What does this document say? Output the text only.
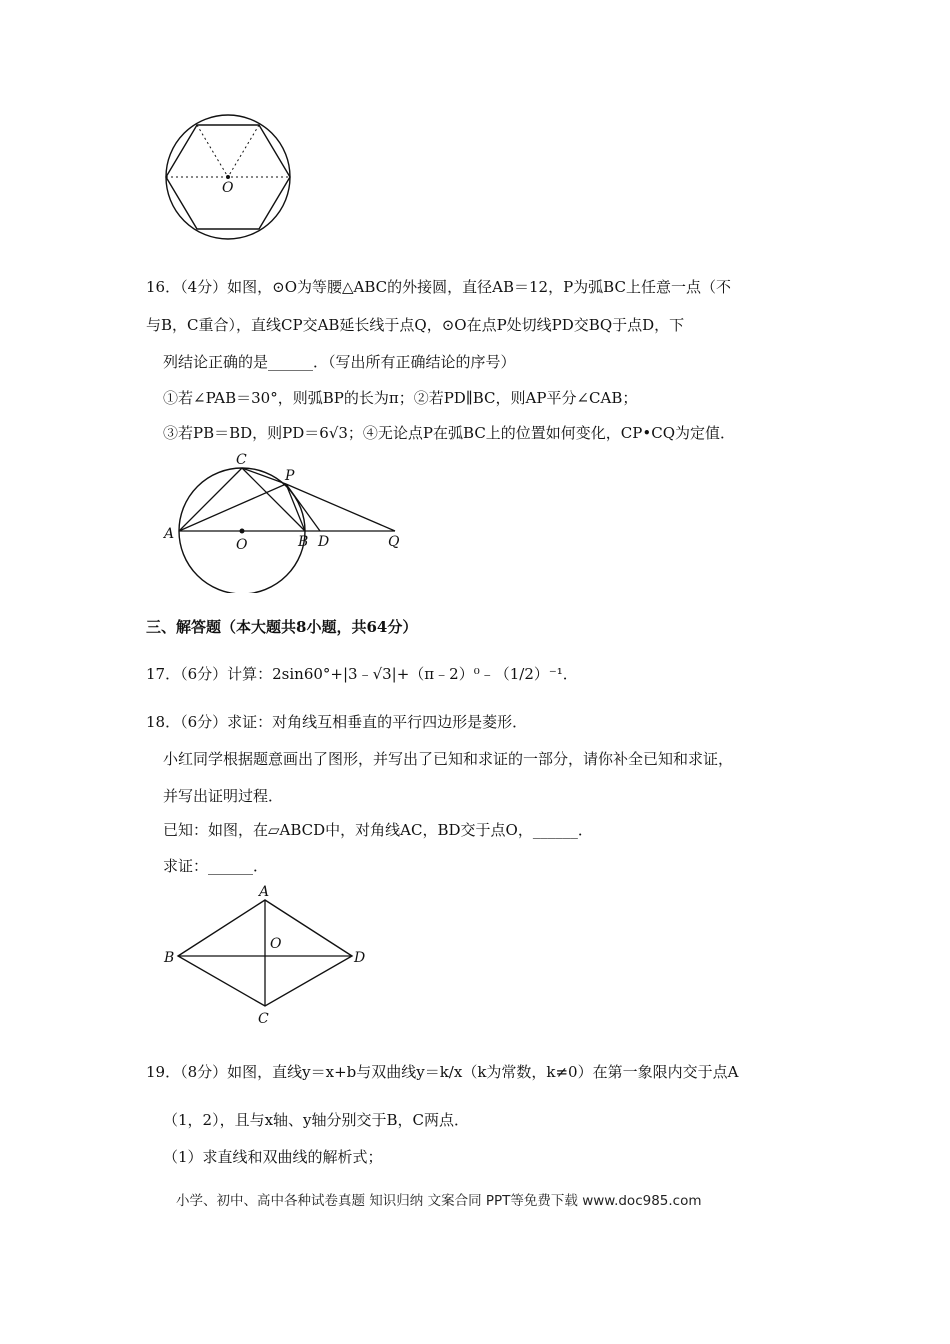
O
16．（4分）如图，⊙O为等腰△ABC的外接圆，直径AB＝12，P为弧BC上任意一点（不
与B，C重合），直线CP交AB延长线于点Q，⊙O在点P处切线PD交BQ于点D，下
列结论正确的是______．（写出所有正确结论的序号）
①若∠PAB＝30°，则弧BP的长为π；②若PD∥BC，则AP平分∠CAB；
③若PB＝BD，则PD＝6√3；④无论点P在弧BC上的位置如何变化，CP•CQ为定值．
C
P
A
O	B D	Q
三、解答题（本大题共8小题，共64分）
17．（6分）计算：2sin60°+|3﹣√3|+（π﹣2）⁰﹣（1/2）⁻¹．
18．（6分）求证：对角线互相垂直的平行四边形是菱形．
小红同学根据题意画出了图形，并写出了已知和求证的一部分，请你补全已知和求证，
并写出证明过程．
已知：如图，在▱ABCD中，对角线AC，BD交于点O，______．
求证：______．
A
B
O
D
C
19．（8分）如图，直线y＝x+b与双曲线y＝k/x（k为常数，k≠0）在第一象限内交于点A
（1，2），且与x轴、y轴分别交于B，C两点．
（1）求直线和双曲线的解析式；
小学、初中、高中各种试卷真题 知识归纳 文案合同 PPT等免费下载 www.doc985.com
